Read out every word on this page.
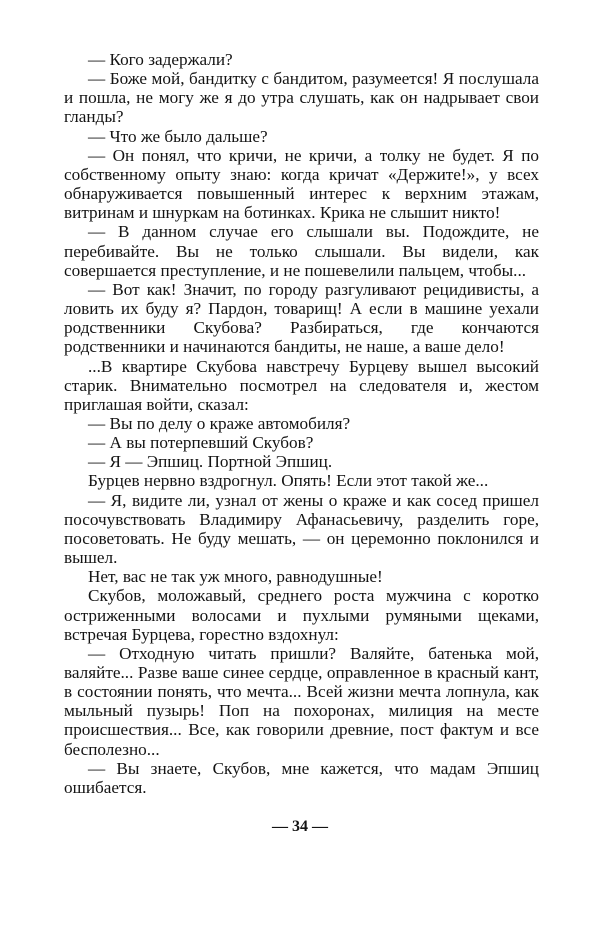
— Кого задержали?

— Боже мой, бандитку с бандитом, разумеется! Я послушала и пошла, не могу же я до утра слушать, как он надрывает свои гланды?

— Что же было дальше?

— Он понял, что кричи, не кричи, а толку не будет. Я по собственному опыту знаю: когда кричат «Держите!», у всех обнаруживается повышенный интерес к верхним этажам, витринам и шнуркам на ботинках. Крика не слышит никто!

— В данном случае его слышали вы. Подождите, не перебивайте. Вы не только слышали. Вы видели, как совершается преступление, и не пошевелили пальцем, чтобы...

— Вот как! Значит, по городу разгуливают рецидивисты, а ловить их буду я? Пардон, товарищ! А если в машине уехали родственники Скубова? Разбираться, где кончаются родственники и начинаются бандиты, не наше, а ваше дело!

...В квартире Скубова навстречу Бурцеву вышел высокий старик. Внимательно посмотрел на следователя и, жестом приглашая войти, сказал:

— Вы по делу о краже автомобиля?

— А вы потерпевший Скубов?

— Я — Эпшиц. Портной Эпшиц.

Бурцев нервно вздрогнул. Опять! Если этот такой же...

— Я, видите ли, узнал от жены о краже и как сосед пришел посочувствовать Владимиру Афанасьевичу, разделить горе, посоветовать. Не буду мешать, — он церемонно поклонился и вышел.

Нет, вас не так уж много, равнодушные!

Скубов, моложавый, среднего роста мужчина с коротко остриженными волосами и пухлыми румяными щеками, встречая Бурцева, горестно вздохнул:

— Отходную читать пришли? Валяйте, батенька мой, валяйте... Разве ваше синее сердце, оправленное в красный кант, в состоянии понять, что мечта... Всей жизни мечта лопнула, как мыльный пузырь! Поп на похоронах, милиция на месте происшествия... Все, как говорили древние, пост фактум и все бесполезно...

— Вы знаете, Скубов, мне кажется, что мадам Эпшиц ошибается.

— 34 —
